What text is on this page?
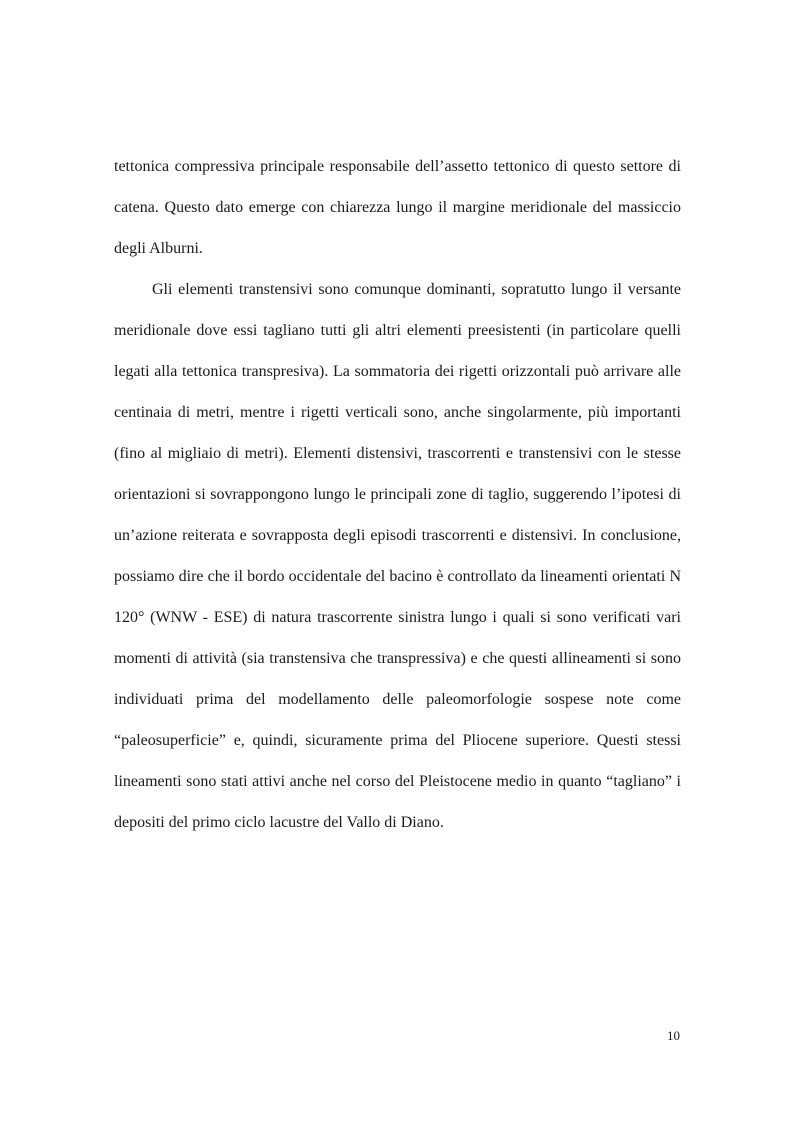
tettonica compressiva principale responsabile dell’assetto tettonico di questo settore di catena. Questo dato emerge con chiarezza lungo il margine meridionale del massiccio degli Alburni.

Gli elementi transtensivi sono comunque dominanti, sopratutto lungo il versante meridionale dove essi tagliano tutti gli altri elementi preesistenti (in particolare quelli legati alla tettonica transpresiva). La sommatoria dei rigetti orizzontali può arrivare alle centinaia di metri, mentre i rigetti verticali sono, anche singolarmente, più importanti (fino al migliaio di metri). Elementi distensivi, trascorrenti e transtensivi con le stesse orientazioni si sovrappongono lungo le principali zone di taglio, suggerendo l’ipotesi di un’azione reiterata e sovrapposta degli episodi trascorrenti e distensivi. In conclusione, possiamo dire che il bordo occidentale del bacino è controllato da lineamenti orientati N 120° (WNW - ESE) di natura trascorrente sinistra lungo i quali si sono verificati vari momenti di attività (sia transtensiva che transpressiva) e che questi allineamenti si sono individuati prima del modellamento delle paleomorfologie sospese note come “paleosuperficie” e, quindi, sicuramente prima del Pliocene superiore. Questi stessi lineamenti sono stati attivi anche nel corso del Pleistocene medio in quanto “tagliano” i depositi del primo ciclo lacustre del Vallo di Diano.

10
